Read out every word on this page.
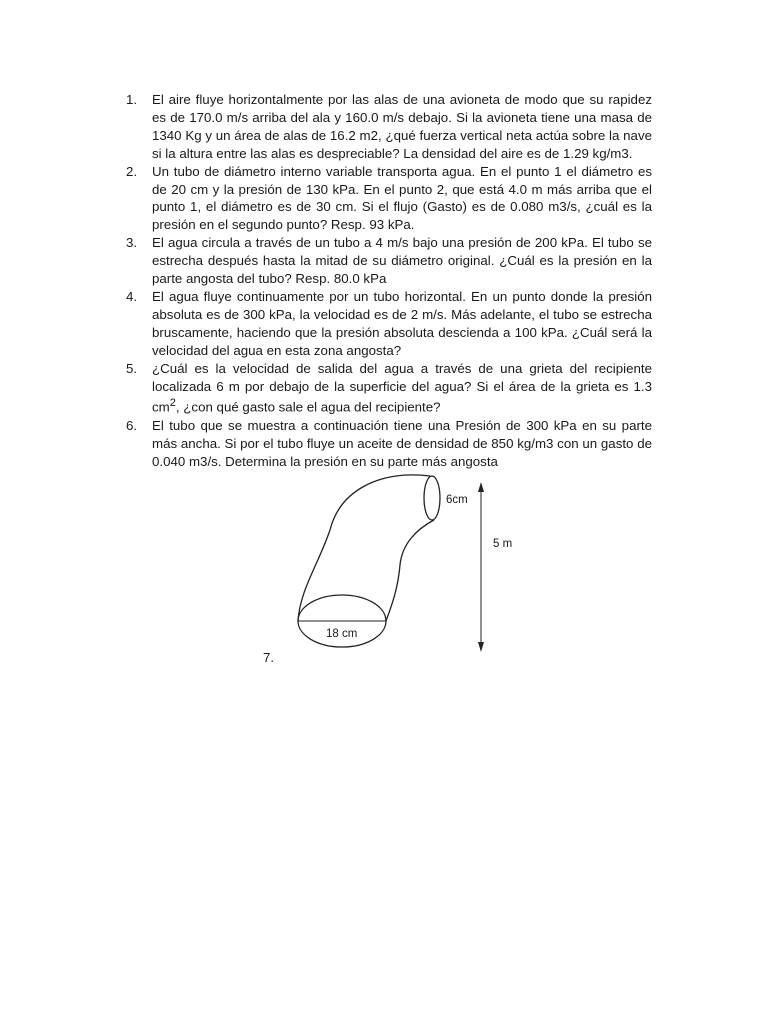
1.	El aire fluye horizontalmente por las alas de una avioneta de modo que su rapidez es de 170.0 m/s arriba del ala y 160.0 m/s debajo. Si la avioneta tiene una masa de 1340 Kg y un área de alas de 16.2 m2, ¿qué fuerza vertical neta actúa sobre la nave si la altura entre las alas es despreciable? La densidad del aire es de 1.29 kg/m3.
2.	Un tubo de diámetro interno variable transporta agua. En el punto 1 el diámetro es de 20 cm y la presión de 130 kPa. En el punto 2, que está 4.0 m más arriba que el punto 1, el diámetro es de 30 cm. Si el flujo (Gasto) es de 0.080 m3/s, ¿cuál es la presión en el segundo punto? Resp. 93 kPa.
3.	El agua circula a través de un tubo a 4 m/s bajo una presión de 200 kPa. El tubo se estrecha después hasta la mitad de su diámetro original. ¿Cuál es la presión en la parte angosta del tubo? Resp. 80.0 kPa
4.	El agua fluye continuamente por un tubo horizontal. En un punto donde la presión absoluta es de 300 kPa, la velocidad es de 2 m/s. Más adelante, el tubo se estrecha bruscamente, haciendo que la presión absoluta descienda a 100 kPa. ¿Cuál será la velocidad del agua en esta zona angosta?
5.	¿Cuál es la velocidad de salida del agua a través de una grieta del recipiente localizada 6 m por debajo de la superficie del agua? Si el área de la grieta es 1.3 $cm^2$, ¿con qué gasto sale el agua del recipiente?
6.	El tubo que se muestra a continuación tiene una Presión de 300 kPa en su parte más ancha. Si por el tubo fluye un aceite de densidad de 850 kg/m3 con un gasto de 0.040 m3/s. Determina la presión en su parte más angosta
6cm
5 m
18 cm
7.
